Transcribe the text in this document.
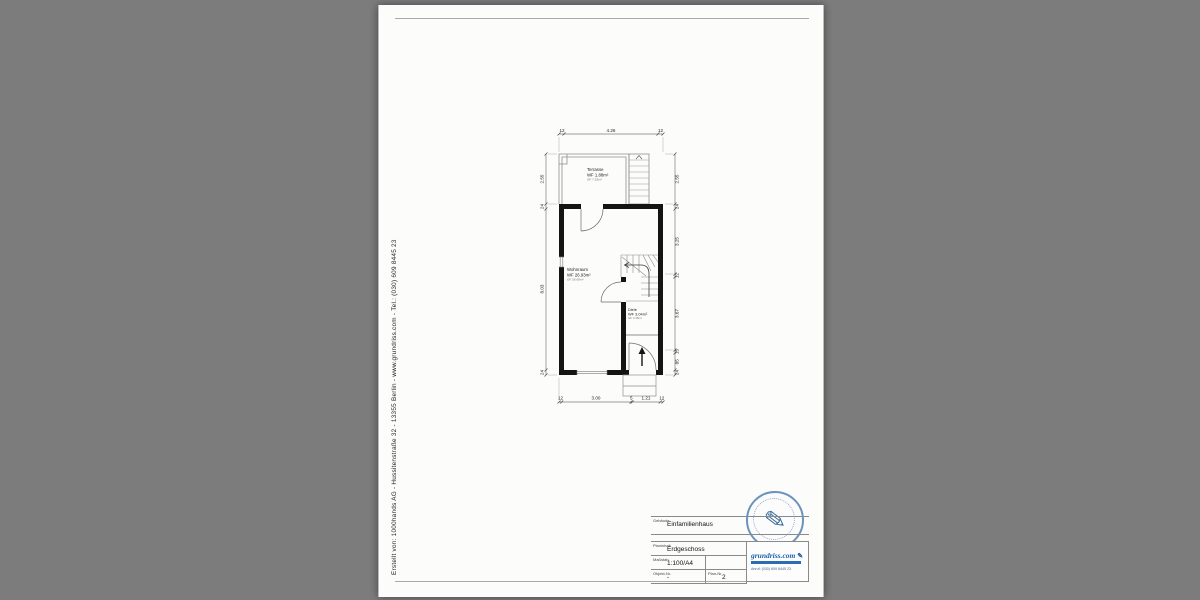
Erstellt von: 1000hands AG - Hussitenstraße 32 - 13355 Berlin - www.grundriss.com - Tel.: (030) 609 8445 23
12	4.26	12
12	3.00	5 1.21 12
2.55
24
8.03
24
2.55
24
3.25
12
3.67
15
85
24
Terrasse
WF 1.88m²
GF 7.53m²
Wohnraum
WF 26.93m²
GF 26.69m²
Diele
WF 3.04m²
GF 3.46m²
✎
Gebäude
Einfamilienhaus
Planinhalt
Erdgeschoss
Maßstab
1:100/A4
Objekt-Nr.
-
Plan-Nr.
2
grundriss.com ✎
Anruf: (030) 609 8445 23
